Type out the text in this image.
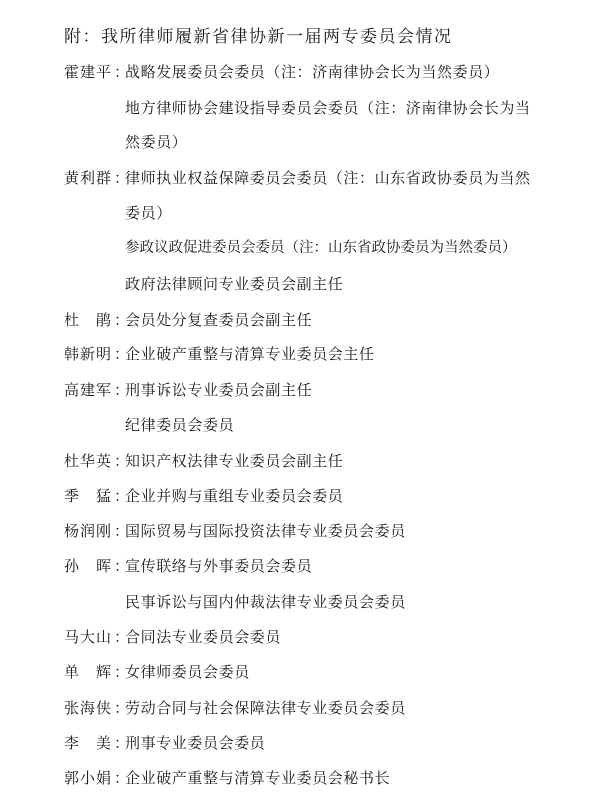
附：我所律师履新省律协新一届两专委员会情况
霍建平 ：
战略发展委员会委员（注：济南律协会长为当然委员）
地方律师协会建设指导委员会委员（注：济南律协会长为当
然委员）
黄利群 ：
律师执业权益保障委员会委员（注：山东省政协委员为当然
委员）
参政议政促进委员会委员（注：山东省政协委员为当然委员）
政府法律顾问专业委员会副主任
杜　鹃 ：
会员处分复查委员会副主任
韩新明 ：
企业破产重整与清算专业委员会主任
高建军 ：
刑事诉讼专业委员会副主任
纪律委员会委员
杜华英 ：
知识产权法律专业委员会副主任
季　猛 ：
企业并购与重组专业委员会委员
杨润刚 ：
国际贸易与国际投资法律专业委员会委员
孙　晖 ：
宣传联络与外事委员会委员
民事诉讼与国内仲裁法律专业委员会委员
马大山 ：
合同法专业委员会委员
单　辉 ：
女律师委员会委员
张海侠 ：
劳动合同与社会保障法律专业委员会委员
李　美 ：
刑事专业委员会委员
郭小娟 ：
企业破产重整与清算专业委员会秘书长
